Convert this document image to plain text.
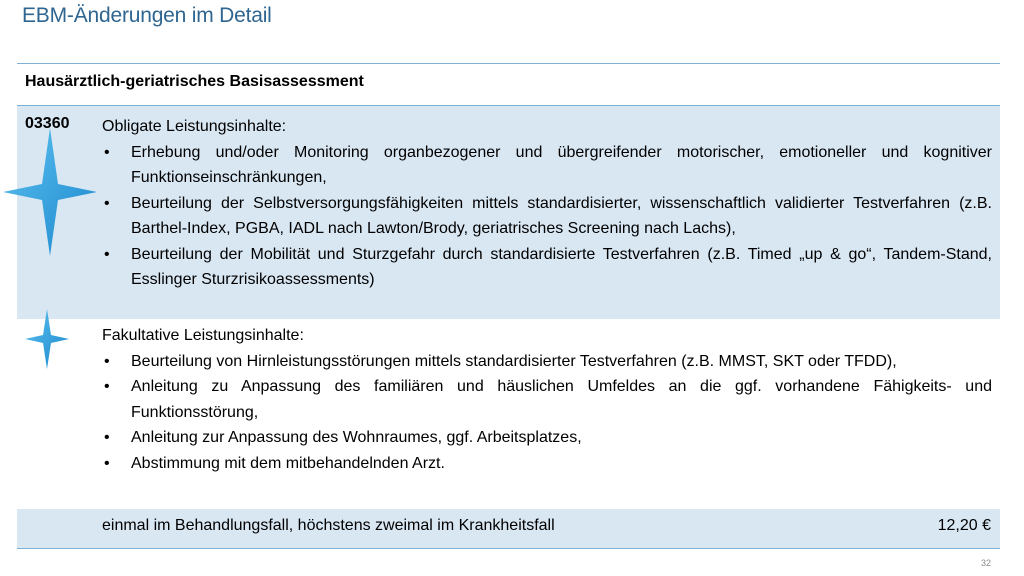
EBM-Änderungen im Detail
Hausärztlich-geriatrisches Basisassessment
03360 Obligate Leistungsinhalte:
• Erhebung und/oder Monitoring organbezogener und übergreifender motorischer, emotioneller und kognitiver Funktionseinschränkungen,
• Beurteilung der Selbstversorgungsfähigkeiten mittels standardisierter, wissenschaftlich validierter Testverfahren (z.B. Barthel-Index, PGBA, IADL nach Lawton/Brody, geriatrisches Screening nach Lachs),
• Beurteilung der Mobilität und Sturzgefahr durch standardisierte Testverfahren (z.B. Timed „up & go“, Tandem-Stand, Esslinger Sturzrisikoassessments)
Fakultative Leistungsinhalte:
• Beurteilung von Hirnleistungsstörungen mittels standardisierter Testverfahren (z.B. MMST, SKT oder TFDD),
• Anleitung zu Anpassung des familiären und häuslichen Umfeldes an die ggf. vorhandene Fähigkeits- und Funktionsstörung,
• Anleitung zur Anpassung des Wohnraumes, ggf. Arbeitsplatzes,
• Abstimmung mit dem mitbehandelnden Arzt.
einmal im Behandlungsfall, höchstens zweimal im Krankheitsfall	12,20 €
32
